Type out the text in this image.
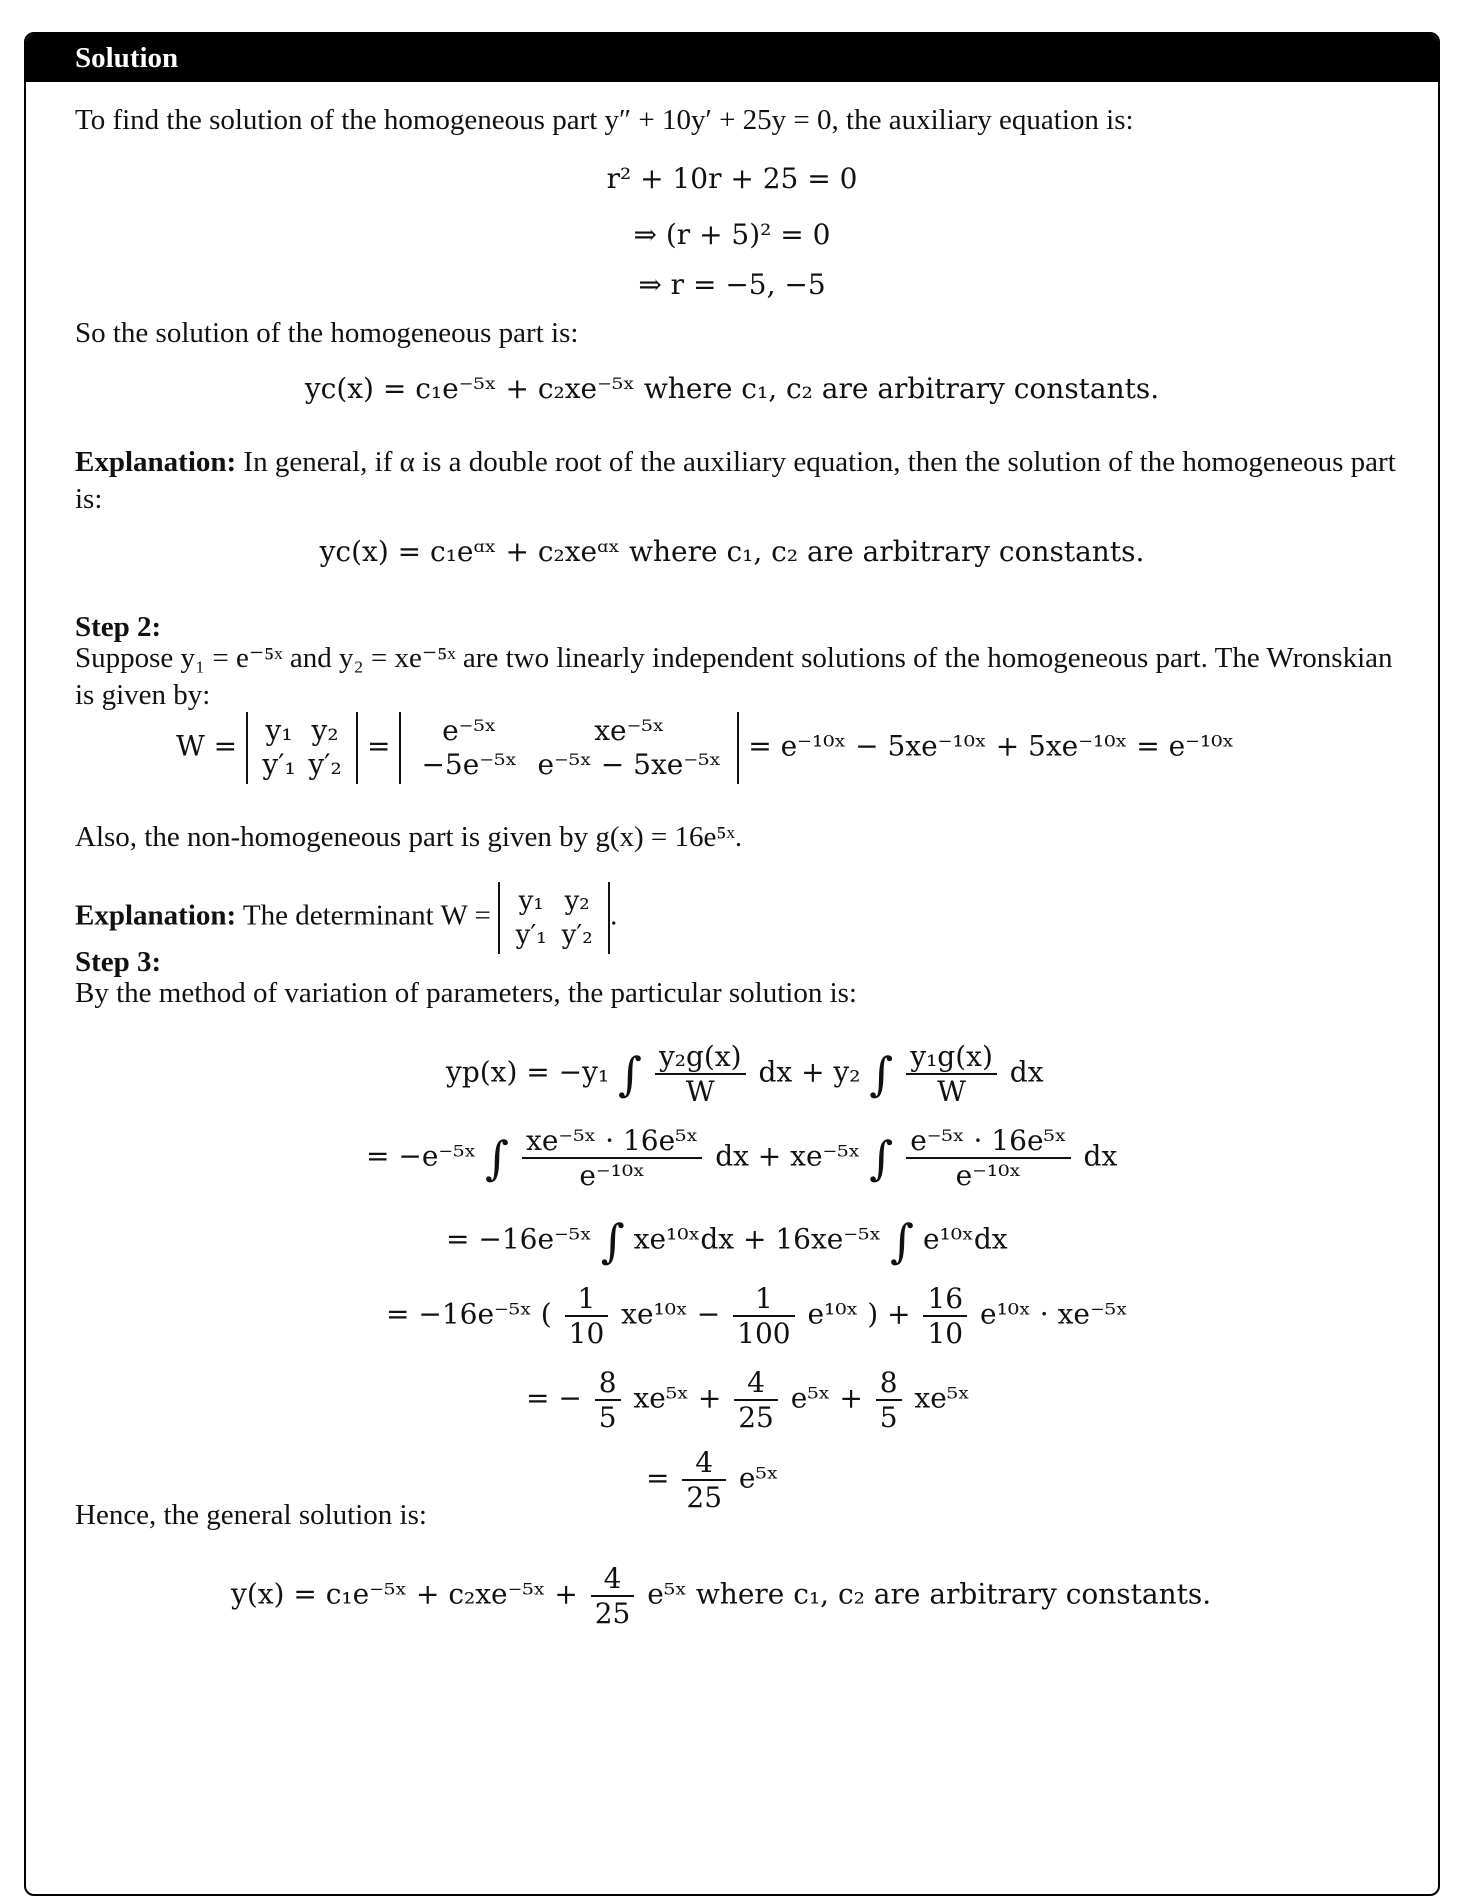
Solution
To find the solution of the homogeneous part y″ + 10y′ + 25y = 0, the auxiliary equation is:
r² + 10r + 25 = 0
⇒ (r + 5)² = 0
⇒ r = −5, −5
So the solution of the homogeneous part is:
yc(x) = c₁e⁻⁵ˣ + c₂xe⁻⁵ˣ where c₁, c₂ are arbitrary constants.
Explanation: In general, if α is a double root of the auxiliary equation, then the solution of the homogeneous part is:
yc(x) = c₁eᵅˣ + c₂xeᵅˣ where c₁, c₂ are arbitrary constants.
Step 2:
Suppose y₁ = e⁻⁵ˣ and y₂ = xe⁻⁵ˣ are two linearly independent solutions of the homogeneous part. The Wronskian is given by:
W = y₁ y₂
y′₁ y′₂ = e⁻⁵ˣ	xe⁻⁵ˣ
−5e⁻⁵ˣ e⁻⁵ˣ − 5xe⁻⁵ˣ = e⁻¹⁰ˣ − 5xe⁻¹⁰ˣ + 5xe⁻¹⁰ˣ = e⁻¹⁰ˣ
Also, the non-homogeneous part is given by g(x) = 16e⁵ˣ.
Explanation: The determinant W = y₁ y₂
y′₁ y′₂.
Step 3:
By the method of variation of parameters, the particular solution is:
yp(x) = −y₁ ∫ $\frac{\text{y₂g(x)}}{W}$ dx + y₂ ∫ $\frac{\text{y₁g(x)}}{W}$ dx
= −e⁻⁵ˣ ∫ $\frac{\text{xe⁻⁵ˣ · 16e⁵ˣ}}{\text{e⁻¹⁰ˣ}}$ dx + xe⁻⁵ˣ ∫ $\frac{\text{e⁻⁵ˣ · 16e⁵ˣ}}{\text{e⁻¹⁰ˣ}}$ dx
= −16e⁻⁵ˣ ∫ xe¹⁰ˣdx + 16xe⁻⁵ˣ ∫ e¹⁰ˣdx
= −16e⁻⁵ˣ ( $\frac{1}{10}$ xe¹⁰ˣ − $\frac{1}{100}$ e¹⁰ˣ ) + $\frac{16}{10}$ e¹⁰ˣ · xe⁻⁵ˣ
= − $\frac{8}{5}$ xe⁵ˣ + $\frac{4}{25}$ e⁵ˣ + $\frac{8}{5}$ xe⁵ˣ
= $\frac{4}{25}$ e⁵ˣ
Hence, the general solution is:
y(x) = c₁e⁻⁵ˣ + c₂xe⁻⁵ˣ + $\frac{4}{25}$ e⁵ˣ where c₁, c₂ are arbitrary constants.
